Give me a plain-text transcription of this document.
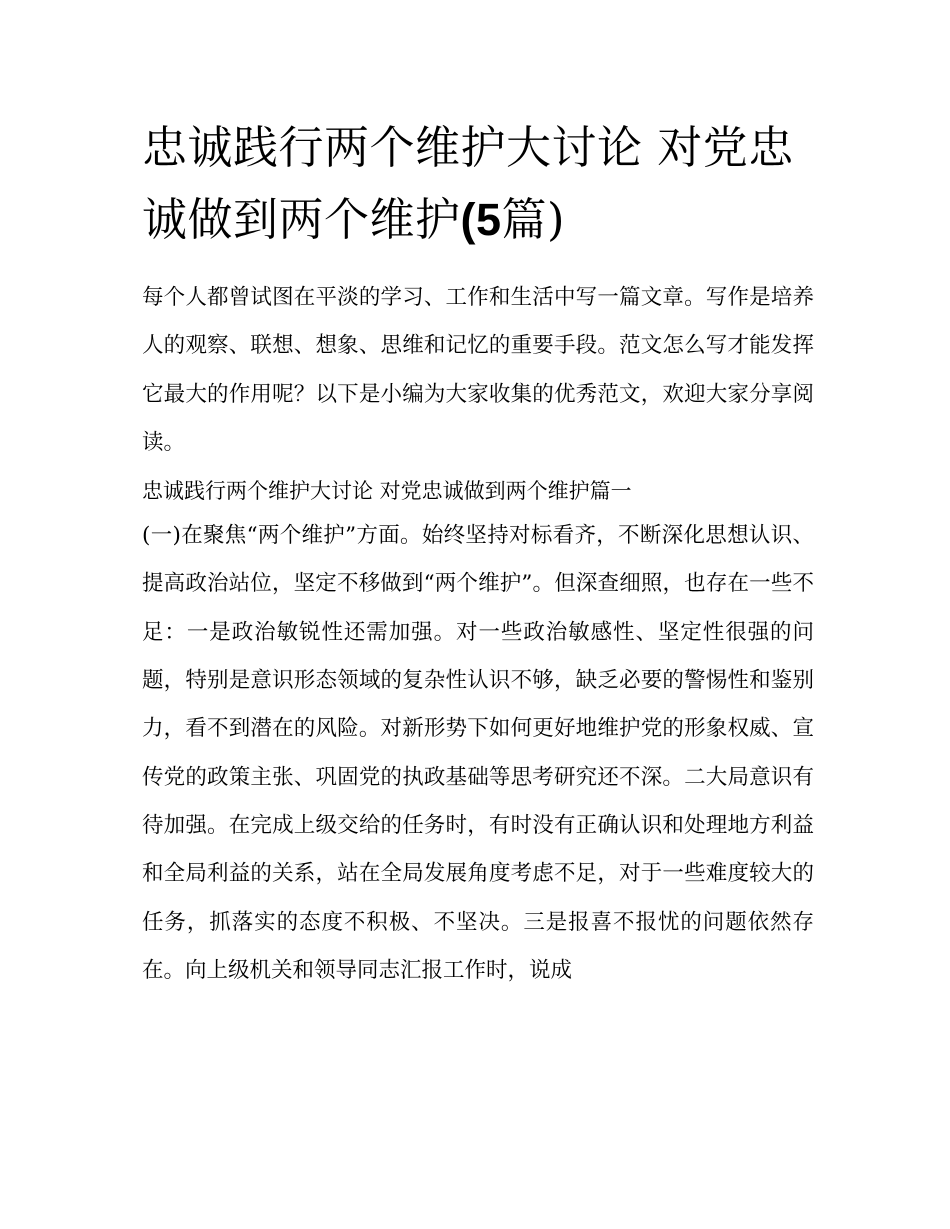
忠诚践行两个维护大讨论 对党忠诚做到两个维护(5篇)

每个人都曾试图在平淡的学习、工作和生活中写一篇文章。写作是培养人的观察、联想、想象、思维和记忆的重要手段。范文怎么写才能发挥它最大的作用呢？以下是小编为大家收集的优秀范文，欢迎大家分享阅读。

忠诚践行两个维护大讨论 对党忠诚做到两个维护篇一

(一)在聚焦“两个维护”方面。始终坚持对标看齐，不断深化思想认识、提高政治站位，坚定不移做到“两个维护”。但深查细照，也存在一些不足：一是政治敏锐性还需加强。对一些政治敏感性、坚定性很强的问题，特别是意识形态领域的复杂性认识不够，缺乏必要的警惕性和鉴别力，看不到潜在的风险。对新形势下如何更好地维护党的形象权威、宣传党的政策主张、巩固党的执政基础等思考研究还不深。二大局意识有待加强。在完成上级交给的任务时，有时没有正确认识和处理地方利益和全局利益的关系，站在全局发展角度考虑不足，对于一些难度较大的任务，抓落实的态度不积极、不坚决。三是报喜不报忧的问题依然存在。向上级机关和领导同志汇报工作时，说成
